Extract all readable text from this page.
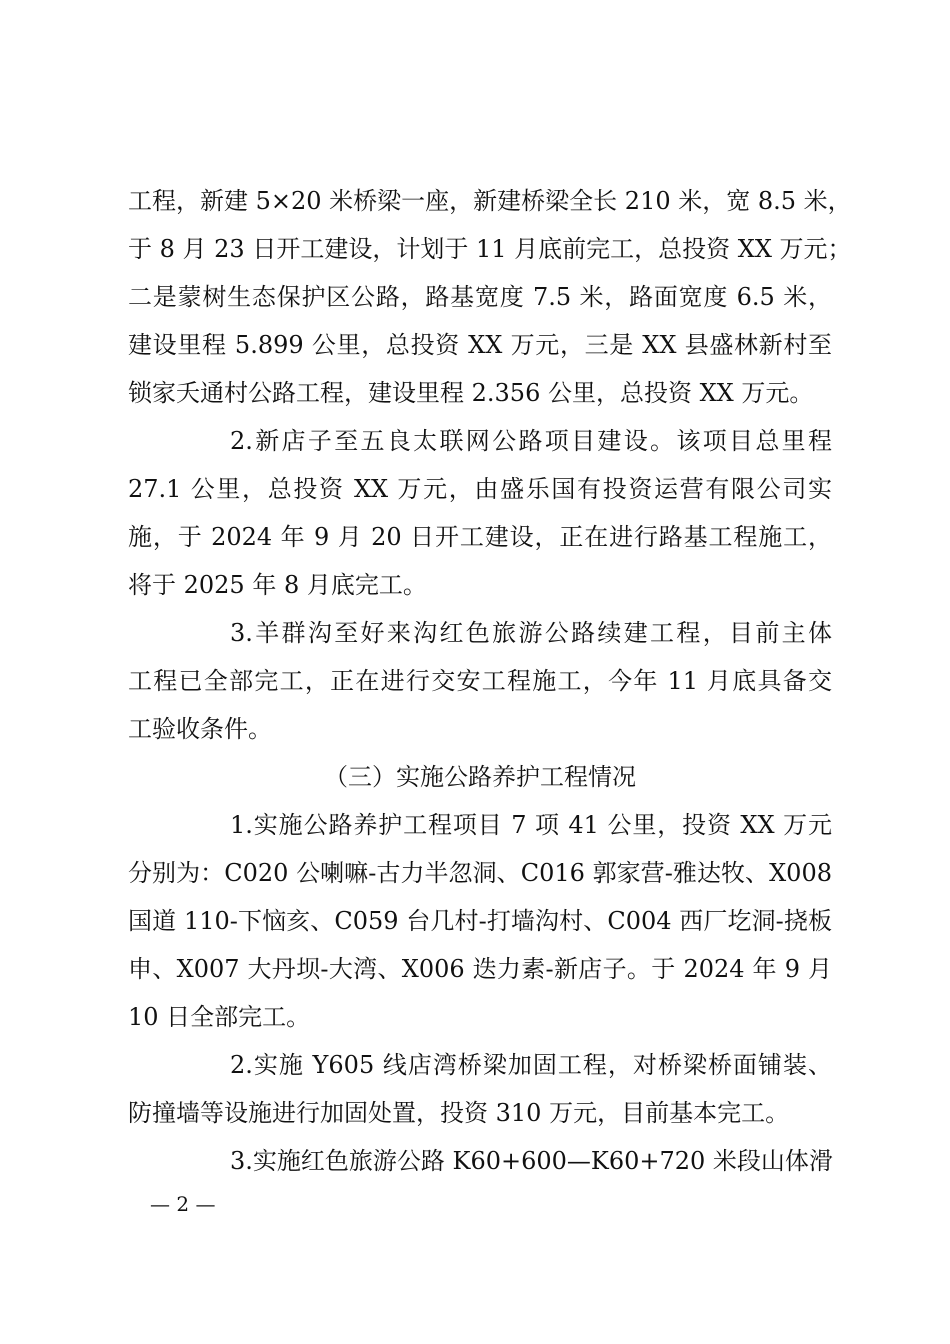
工程，新建 5×20 米桥梁一座，新建桥梁全长 210 米，宽 8.5 米，
于 8 月 23 日开工建设，计划于 11 月底前完工，总投资 XX 万元；
二是蒙树生态保护区公路，路基宽度 7.5 米，路面宽度 6.5 米，
建设里程 5.899 公里，总投资 XX 万元，三是 XX 县盛林新村至
锁家夭通村公路工程，建设里程 2.356 公里，总投资 XX 万元。
2.新店子至五良太联网公路项目建设。该项目总里程
27.1 公里，总投资 XX 万元，由盛乐国有投资运营有限公司实
施，于 2024 年 9 月 20 日开工建设，正在进行路基工程施工，
将于 2025 年 8 月底完工。
3.羊群沟至好来沟红色旅游公路续建工程，目前主体
工程已全部完工，正在进行交安工程施工，今年 11 月底具备交
工验收条件。
（三）实施公路养护工程情况
1.实施公路养护工程项目 7 项 41 公里，投资 XX 万元
分别为：C020 公喇嘛-古力半忽洞、C016 郭家营-雅达牧、X008
国道 110-下恼亥、C059 台几村-打墙沟村、C004 西厂圪洞-挠板
申、X007 大丹坝-大湾、X006 迭力素-新店子。于 2024 年 9 月
10 日全部完工。
2.实施 Y605 线店湾桥梁加固工程，对桥梁桥面铺装、
防撞墙等设施进行加固处置，投资 310 万元，目前基本完工。
3.实施红色旅游公路 K60+600—K60+720 米段山体滑
— 2 —
